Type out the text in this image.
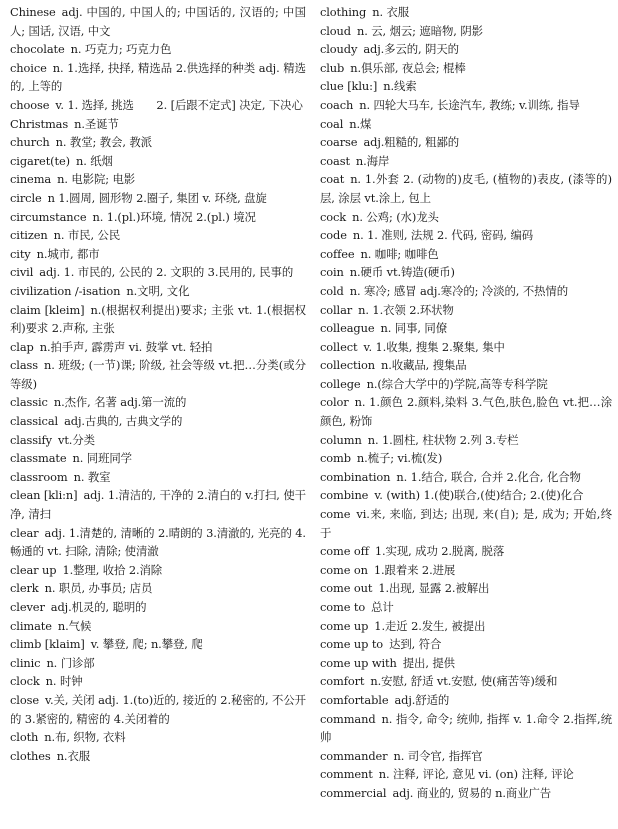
Chinese adj. 中国的, 中国人的; 中国话的, 汉语的; 中国人; 国话, 汉语, 中文
chocolate n. 巧克力; 巧克力色
choice n. 1.选择, 抉择, 精选品 2.供选择的种类 adj. 精选的, 上等的
choose v. 1. 选择, 挑选　　2. [后跟不定式] 决定, 下决心
Christmas n.圣诞节
church n. 教堂; 教会, 教派
cigaret(te) n. 纸烟
cinema n. 电影院; 电影
circle n 1.圆周, 圆形物 2.圈子, 集团 v. 环绕, 盘旋
circumstance n. 1.(pl.)环境, 情况 2.(pl.) 境况
citizen n. 市民, 公民
city n.城市, 都市
civil adj. 1. 市民的, 公民的 2. 文职的 3.民用的, 民事的
civilization /-isation n.文明, 文化
claim [kleim] n.(根据权利提出)要求; 主张 vt. 1.(根据权利)要求 2.声称, 主张
clap n.拍手声, 霹雳声 vi. 鼓掌 vt. 轻拍
class n. 班级; (一节)课; 阶级, 社会等级 vt.把…分类(或分等级)
classic n.杰作, 名著 adj.第一流的
classical adj.古典的, 古典文学的
classify vt.分类
classmate n. 同班同学
classroom n. 教室
clean [kli:n] adj. 1.清洁的, 干净的 2.清白的 v.打扫, 使干净, 清扫
clear adj. 1.清楚的, 清晰的 2.晴朗的 3.清澈的, 光亮的 4.畅通的 vt. 扫除, 清除; 使清澈
clear up 1.整理, 收拾 2.消除
clerk n. 职员, 办事员; 店员
clever adj.机灵的, 聪明的
climate n.气候
climb [klaim] v. 攀登, 爬; n.攀登, 爬
clinic n. 门诊部
clock n. 时钟
close v.关, 关闭 adj. 1.(to)近的, 接近的 2.秘密的, 不公开的 3.紧密的, 精密的 4.关闭着的
cloth n.布, 织物, 衣料
clothes n.衣服
clothing n. 衣服
cloud n. 云, 烟云; 遮暗物, 阴影
cloudy adj.多云的, 阴天的
club n.俱乐部, 夜总会; 棍棒
clue [klu:] n.线索
coach n. 四轮大马车, 长途汽车, 教练; v.训练, 指导
coal n.煤
coarse adj.粗糙的, 粗鄙的
coast n.海岸
coat n. 1.外套 2. (动物的)皮毛, (植物的)表皮, (漆等的)层, 涂层 vt.涂上, 包上
cock n. 公鸡; (水)龙头
code n. 1. 准则, 法规 2. 代码, 密码, 编码
coffee n. 咖啡; 咖啡色
coin n.硬币 vt.铸造(硬币)
cold n. 寒冷; 感冒 adj.寒冷的; 冷淡的, 不热情的
collar n. 1.衣领 2.环状物
colleague n. 同事, 同僚
collect v. 1.收集, 搜集 2.聚集, 集中
collection n.收藏品, 搜集品
college n.(综合大学中的)学院,高等专科学院
color n. 1.颜色 2.颜料,染料 3.气色,肤色,脸色 vt.把…涂颜色, 粉饰
column n. 1.圆柱, 柱状物 2.列 3.专栏
comb n.梳子; vi.梳(发)
combination n. 1.结合, 联合, 合并 2.化合, 化合物
combine v. (with) 1.(使)联合,(使)结合; 2.(使)化合
come vi.来, 来临, 到达; 出现, 来(自); 是, 成为; 开始,终于
come off 1.实现, 成功 2.脱离, 脱落
come on 1.跟着来 2.进展
come out 1.出现, 显露 2.被解出
come to 总计
come up 1.走近 2.发生, 被提出
come up to 达到, 符合
come up with 提出, 提供
comfort n.安慰, 舒适 vt.安慰, 使(痛苦等)缓和
comfortable adj.舒适的
command n. 指令, 命令; 统帅, 指挥 v. 1.命令 2.指挥,统帅
commander n. 司令官, 指挥官
comment n. 注释, 评论, 意见 vi. (on) 注释, 评论
commercial adj. 商业的, 贸易的 n.商业广告
